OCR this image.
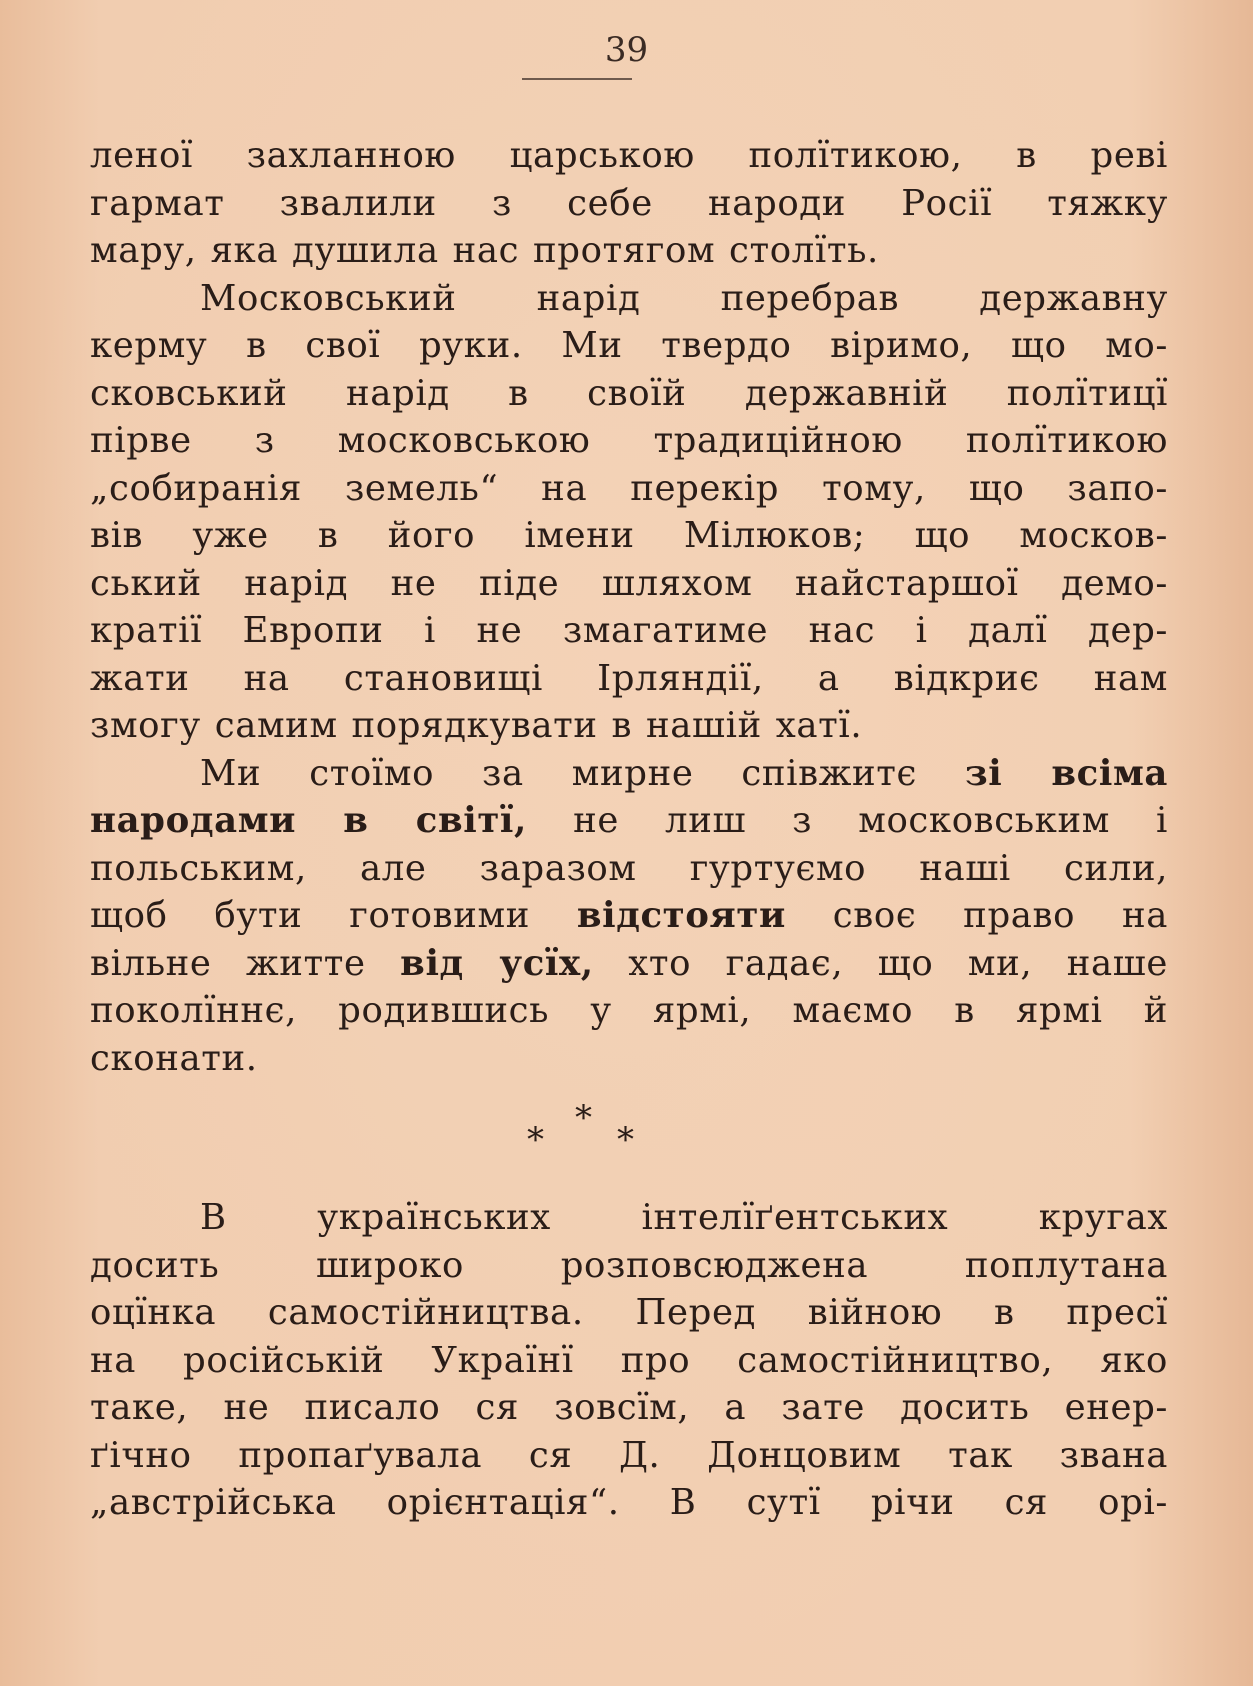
39
леної захланною царською полїтикою, в реві
гармат звалили з себе народи Росії тяжку
мару, яка душила нас протягом столїть.
Московський нарід перебрав державну
керму в свої руки. Ми твердо віримо, що мо-
сковський нарід в своїй державній полїтицї
пірве з московською традиційною полїтикою
„собиранія земель“ на перекір тому, що запо-
вів уже в його імени Мілюков; що москов-
ський нарід не піде шляхом найстаршої демо-
кратії Европи і не змагатиме нас і далї дер-
жати на становищі Ірляндії, а відкриє нам
змогу самим порядкувати в нашій хатї.
Ми стоїмо за мирне співжитє зі всіма
народами в світї, не лиш з московським і
польським, але заразом гуртуємо наші сили,
щоб бути готовими відстояти своє право на
вільне житте від усїх, хто гадає, що ми, наше
поколїннє, родившись у ярмі, маємо в ярмі й
сконати.
*
* *
В українських інтелїґентських кругах
досить широко розповсюджена поплутана
оцїнка самостійництва. Перед війною в пресї
на російській Українї про самостійництво, яко
таке, не писало ся зовсїм, а зате досить енер-
ґічно пропаґувала ся Д. Донцовим так звана
„австрійська орієнтація“. В сутї річи ся орі-
